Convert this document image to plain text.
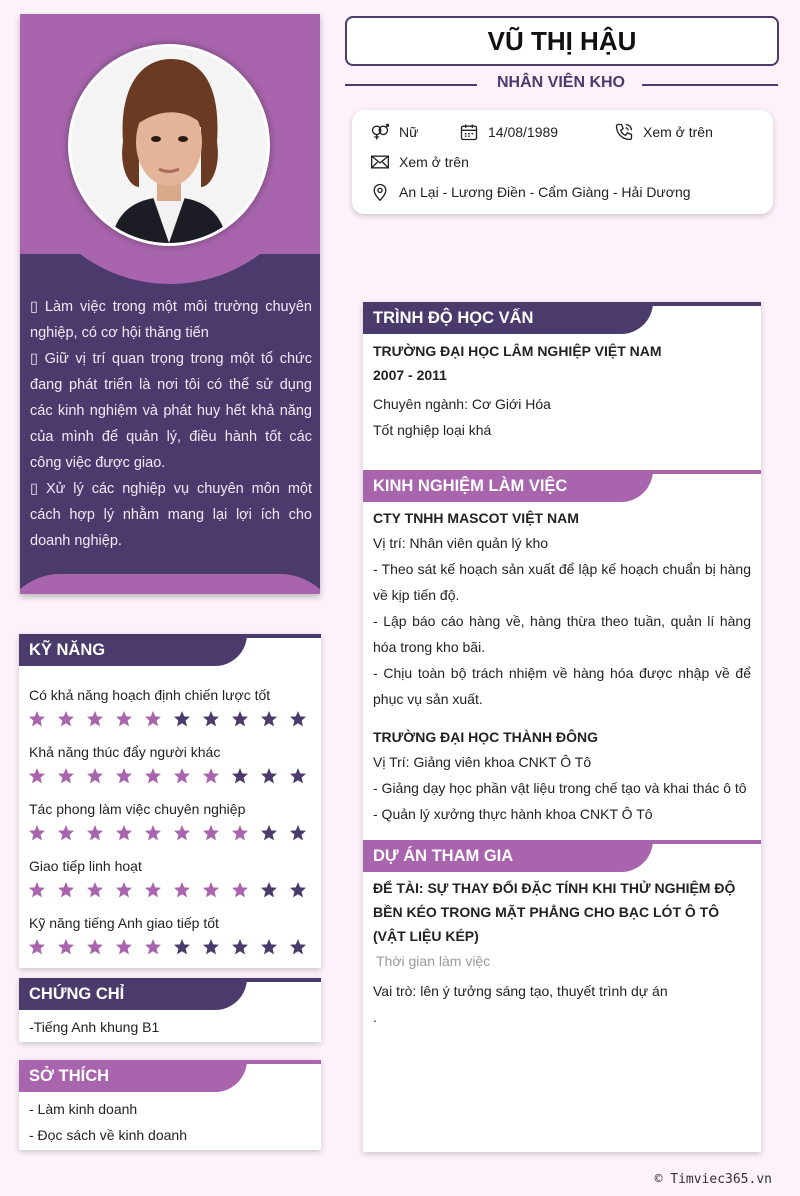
▯ Làm việc trong một môi trường chuyên nghiệp, có cơ hội thăng tiến
▯ Giữ vị trí quan trọng trong một tổ chức đang phát triển là nơi tôi có thể sử dụng các kinh nghiệm và phát huy hết khả năng của mình để quản lý, điều hành tốt các công việc được giao.
▯ Xử lý các nghiệp vụ chuyên môn một cách hợp lý nhằm mang lại lợi ích cho doanh nghiệp.
VŨ THỊ HẬU
NHÂN VIÊN KHO
Nữ	14/08/1989	Xem ở trên
Xem ở trên
An Lại - Lương Điền - Cẩm Giàng - Hải Dương
KỸ NĂNG
Có khả năng hoạch định chiến lược tốt
Khả năng thúc đẩy người khác
Tác phong làm việc chuyên nghiệp
Giao tiếp linh hoạt
Kỹ năng tiếng Anh giao tiếp tốt
CHỨNG CHỈ
-Tiếng Anh khung B1
SỞ THÍCH
- Làm kinh doanh
- Đọc sách về kinh doanh
TRÌNH ĐỘ HỌC VẤN
TRƯỜNG ĐẠI HỌC LÂM NGHIỆP VIỆT NAM
2007 - 2011
Chuyên ngành: Cơ Giới Hóa
Tốt nghiệp loại khá
KINH NGHIỆM LÀM VIỆC
CTY TNHH MASCOT VIỆT NAM
Vị trí: Nhân viên quản lý kho
- Theo sát kế hoạch sản xuất để lập kế hoạch chuẩn bị hàng về kịp tiến độ.
- Lập báo cáo hàng về, hàng thừa theo tuần, quản lí hàng hóa trong kho bãi.
- Chịu toàn bộ trách nhiệm về hàng hóa được nhập về để phục vụ sản xuất.
TRƯỜNG ĐẠI HỌC THÀNH ĐÔNG
Vị Trí: Giảng viên khoa CNKT Ô Tô
- Giảng dạy học phần vật liệu trong chế tạo và khai thác ô tô
- Quản lý xưởng thực hành khoa CNKT Ô Tô
DỰ ÁN THAM GIA
ĐỂ TÀI: SỰ THAY ĐỔI ĐẶC TÍNH KHI THỬ NGHIỆM ĐỘ BỀN KÉO TRONG MẶT PHẲNG CHO BẠC LÓT Ô TÔ (VẬT LIỆU KÉP)
Thời gian làm việc
Vai trò: lên ý tưởng sáng tạo, thuyết trình dự án
.
© Timviec365.vn
